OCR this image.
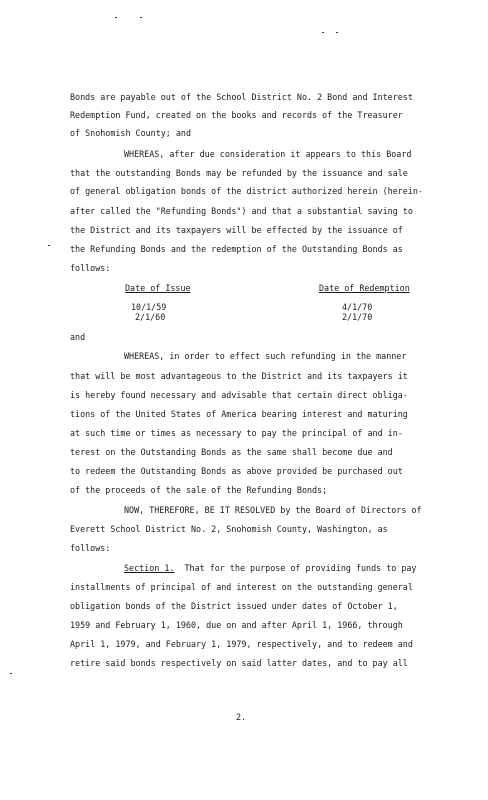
Bonds are payable out of the School District No. 2 Bond and Interest
Redemption Fund, created on the books and records of the Treasurer
of Snohomish County; and
WHEREAS, after due consideration it appears to this Board
that the outstanding Bonds may be refunded by the issuance and sale
of general obligation bonds of the district authorized herein (herein-
after called the "Refunding Bonds") and that a substantial saving to
the District and its taxpayers will be effected by the issuance of
the Refunding Bonds and the redemption of the Outstanding Bonds as
follows:
Date of Issue	Date of Redemption
10/1/59	4/1/70
2/1/60	2/1/70
and
WHEREAS, in order to effect such refunding in the manner
that will be most advantageous to the District and its taxpayers it
is hereby found necessary and advisable that certain direct obliga-
tions of the United States of America bearing interest and maturing
at such time or times as necessary to pay the principal of and in-
terest on the Outstanding Bonds as the same shall become due and
to redeem the Outstanding Bonds as above provided be purchased out
of the proceeds of the sale of the Refunding Bonds;
NOW, THEREFORE, BE IT RESOLVED by the Board of Directors of
Everett School District No. 2, Snohomish County, Washington, as
follows:
Section 1.  That for the purpose of providing funds to pay
installments of principal of and interest on the outstanding general
obligation bonds of the District issued under dates of October 1,
1959 and February 1, 1960, due on and after April 1, 1966, through
April 1, 1979, and February 1, 1979, respectively, and to redeem and
retire said bonds respectively on said latter dates, and to pay all
2.
